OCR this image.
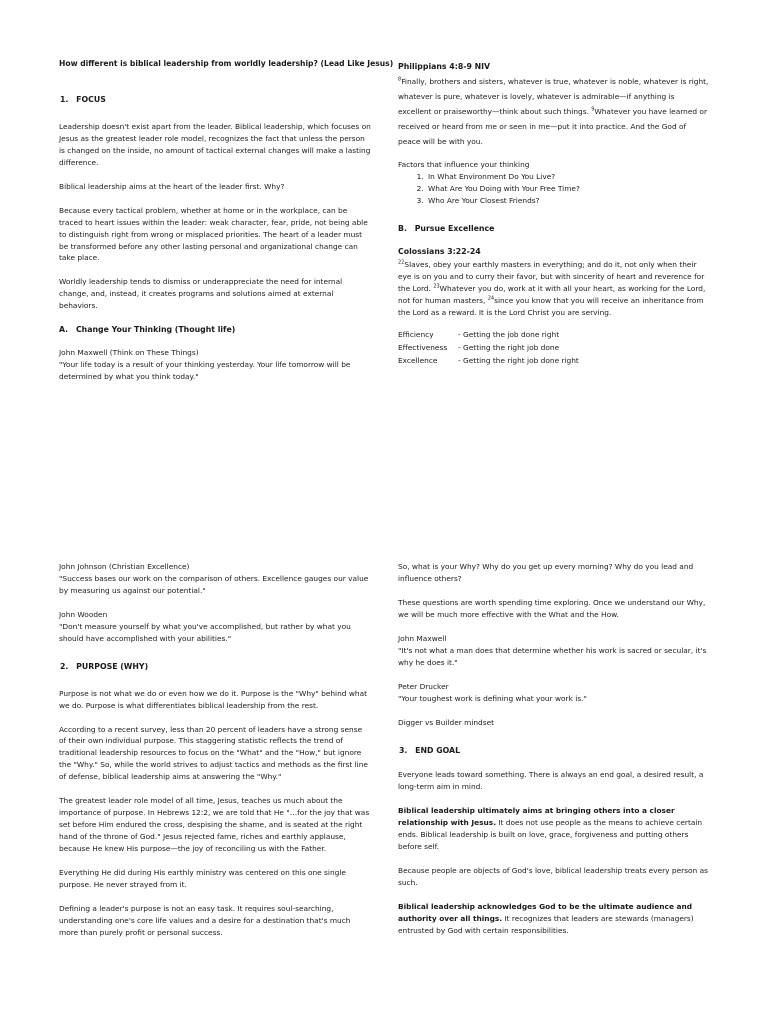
How different is biblical leadership from worldly leadership? (Lead Like Jesus)

1. FOCUS

Leadership doesn't exist apart from the leader. Biblical leadership, which focuses on Jesus as the greatest leader role model, recognizes the fact that unless the person is changed on the inside, no amount of tactical external changes will make a lasting difference.

Biblical leadership aims at the heart of the leader first. Why?

Because every tactical problem, whether at home or in the workplace, can be traced to heart issues within the leader: weak character, fear, pride, not being able to distinguish right from wrong or misplaced priorities. The heart of a leader must be transformed before any other lasting personal and organizational change can take place.

Worldly leadership tends to dismiss or underappreciate the need for internal change, and, instead, it creates programs and solutions aimed at external behaviors.

A. Change Your Thinking (Thought life)

John Maxwell (Think on These Things)

"Your life today is a result of your thinking yesterday. Your life tomorrow will be determined by what you think today."

Philippians 4:8-9 NIV

$^8$Finally, brothers and sisters, whatever is true, whatever is noble, whatever is right, whatever is pure, whatever is lovely, whatever is admirable—if anything is excellent or praiseworthy—think about such things. $^9$Whatever you have learned or received or heard from me or seen in me—put it into practice. And the God of peace will be with you.

Factors that influence your thinking

1. In What Environment Do You Live?
2. What Are You Doing with Your Free Time?
3. Who Are Your Closest Friends?

B. Pursue Excellence

Colossians 3:22-24

$^{22}$Slaves, obey your earthly masters in everything; and do it, not only when their eye is on you and to curry their favor, but with sincerity of heart and reverence for the Lord. $^{23}$Whatever you do, work at it with all your heart, as working for the Lord, not for human masters, $^{24}$since you know that you will receive an inheritance from the Lord as a reward. It is the Lord Christ you are serving.

Efficiency	- Getting the job done right
Effectiveness	- Getting the right job done
Excellence	- Getting the right job done right

John Johnson (Christian Excellence)

"Success bases our work on the comparison of others. Excellence gauges our value by measuring us against our potential."

John Wooden

"Don't measure yourself by what you've accomplished, but rather by what you should have accomplished with your abilities."

2. PURPOSE (WHY)

Purpose is not what we do or even how we do it. Purpose is the "Why" behind what we do. Purpose is what differentiates biblical leadership from the rest.

According to a recent survey, less than 20 percent of leaders have a strong sense of their own individual purpose. This staggering statistic reflects the trend of traditional leadership resources to focus on the "What" and the "How," but ignore the "Why." So, while the world strives to adjust tactics and methods as the first line of defense, biblical leadership aims at answering the "Why."

The greatest leader role model of all time, Jesus, teaches us much about the importance of purpose. In Hebrews 12:2, we are told that He "…for the joy that was set before Him endured the cross, despising the shame, and is seated at the right hand of the throne of God." Jesus rejected fame, riches and earthly applause, because He knew His purpose—the joy of reconciling us with the Father.

Everything He did during His earthly ministry was centered on this one single purpose. He never strayed from it.

Defining a leader's purpose is not an easy task. It requires soul-searching, understanding one's core life values and a desire for a destination that's much more than purely profit or personal success.

So, what is your Why? Why do you get up every morning? Why do you lead and influence others?

These questions are worth spending time exploring. Once we understand our Why, we will be much more effective with the What and the How.

John Maxwell

"It's not what a man does that determine whether his work is sacred or secular, it's why he does it."

Peter Drucker

"Your toughest work is defining what your work is."

Digger vs Builder mindset

3. END GOAL

Everyone leads toward something. There is always an end goal, a desired result, a long-term aim in mind.

Biblical leadership ultimately aims at bringing others into a closer relationship with Jesus. It does not use people as the means to achieve certain ends. Biblical leadership is built on love, grace, forgiveness and putting others before self.

Because people are objects of God's love, biblical leadership treats every person as such.

Biblical leadership acknowledges God to be the ultimate audience and authority over all things. It recognizes that leaders are stewards (managers) entrusted by God with certain responsibilities.
